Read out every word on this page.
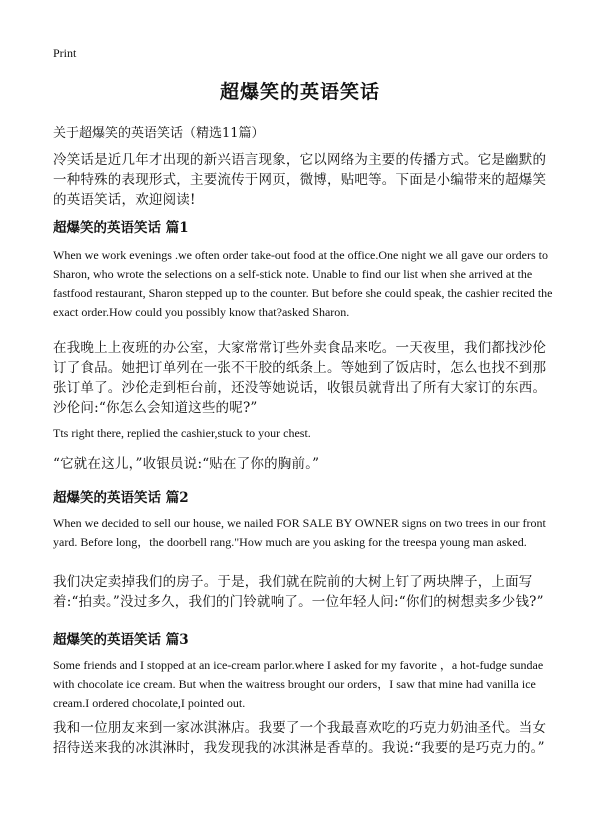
Print
超爆笑的英语笑话
关于超爆笑的英语笑话（精选11篇）
冷笑话是近几年才出现的新兴语言现象，它以网络为主要的传播方式。它是幽默的一种特殊的表现形式，主要流传于网页，微博，贴吧等。下面是小编带来的超爆笑的英语笑话，欢迎阅读!
超爆笑的英语笑话 篇1
When we work evenings .we often order take-out food at the office.One night we all gave our orders to Sharon, who wrote the selections on a self-stick note. Unable to find our list when she arrived at the fastfood restaurant, Sharon stepped up to the counter. But before she could speak, the cashier recited the exact order.How could you possibly know that?asked Sharon.
在我晚上上夜班的办公室，大家常常订些外卖食品来吃。一天夜里，我们都找沙伦订了食品。她把订单列在一张不干胶的纸条上。等她到了饭店时，怎么也找不到那张订单了。沙伦走到柜台前，还没等她说话，收银员就背出了所有大家订的东西。沙伦问:“你怎么会知道这些的呢?”
Tts right there, replied the cashier,stuck to your chest.
“它就在这儿，”收银员说:“贴在了你的胸前。”
超爆笑的英语笑话 篇2
When we decided to sell our house, we nailed FOR SALE BY OWNER signs on two trees in our front yard. Before long，the doorbell rang."How much are you asking for the treespa young man asked.
我们决定卖掉我们的房子。于是，我们就在院前的大树上钉了两块牌子，上面写着:“拍卖。”没过多久，我们的门铃就响了。一位年轻人问:“你们的树想卖多少钱?”
超爆笑的英语笑话 篇3
Some friends and I stopped at an ice-cream parlor.where I asked for my favorite ，a hot-fudge sundae with chocolate ice cream. But when the waitress brought our orders，I saw that mine had vanilla ice cream.I ordered chocolate,I pointed out.
我和一位朋友来到一家冰淇淋店。我要了一个我最喜欢吃的巧克力奶油圣代。当女招待送来我的冰淇淋时，我发现我的冰淇淋是香草的。我说:“我要的是巧克力的。”
